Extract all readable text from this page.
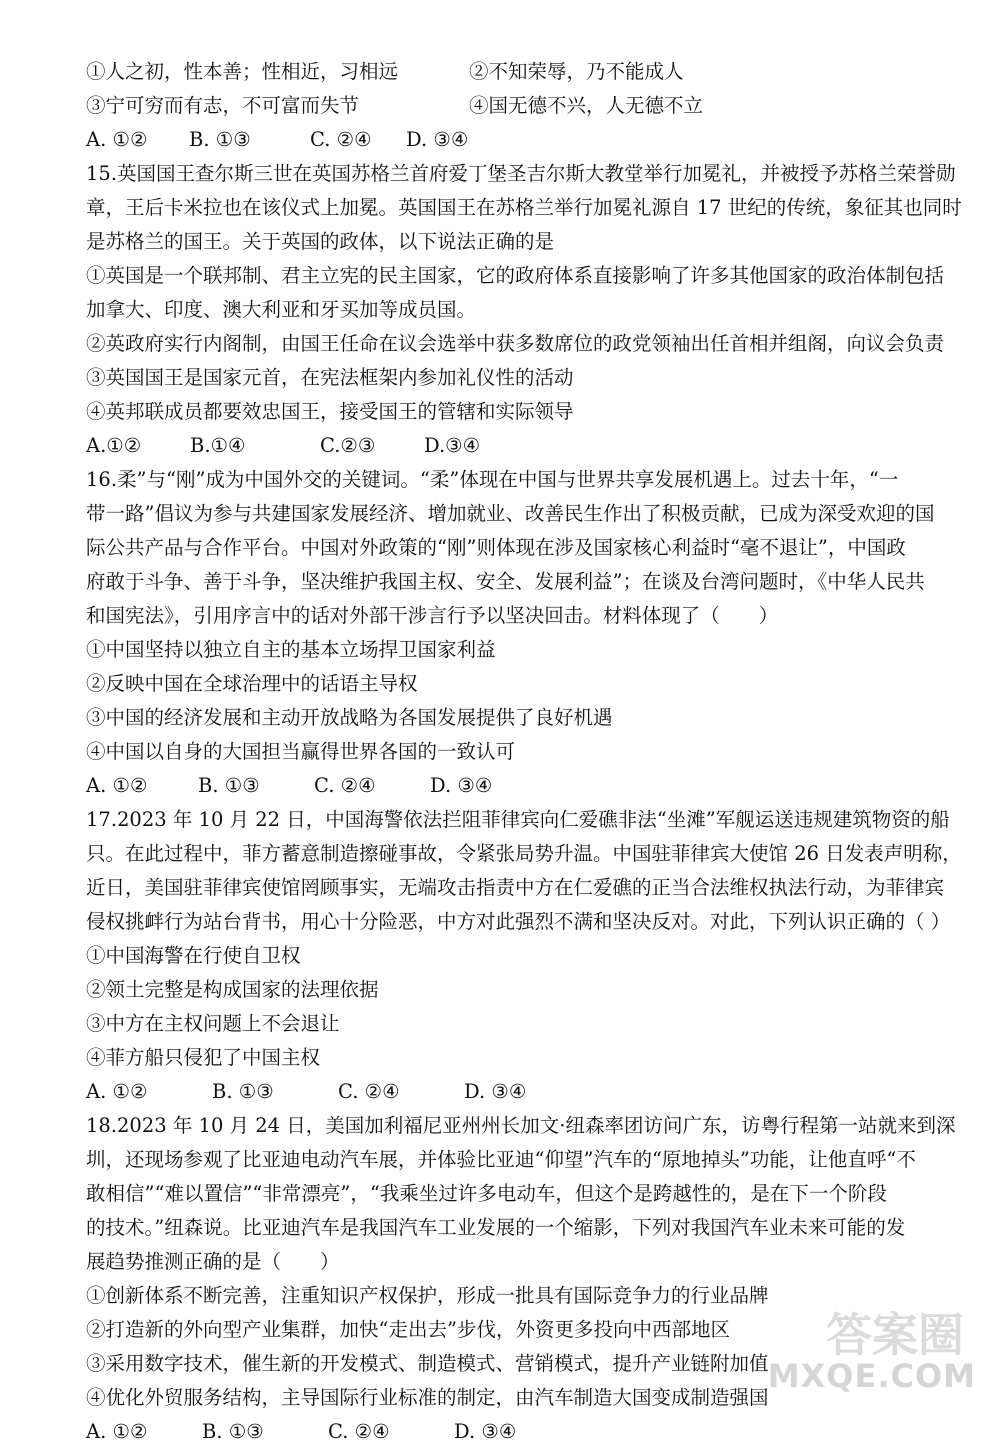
①人之初，性本善；性相近，习相远	②不知荣辱，乃不能成人
③宁可穷而有志，不可富而失节	④国无德不兴，人无德不立
A. ①② B. ①③	C. ②④	D. ③④
15.英国国王查尔斯三世在英国苏格兰首府爱丁堡圣吉尔斯大教堂举行加冕礼，并被授予苏格兰荣誉勋
章，王后卡米拉也在该仪式上加冕。英国国王在苏格兰举行加冕礼源自 17 世纪的传统，象征其也同时
是苏格兰的国王。关于英国的政体，以下说法正确的是
①英国是一个联邦制、君主立宪的民主国家，它的政府体系直接影响了许多其他国家的政治体制包括
加拿大、印度、澳大利亚和牙买加等成员国。
②英政府实行内阁制，由国王任命在议会选举中获多数席位的政党领袖出任首相并组阁，向议会负责
③英国国王是国家元首，在宪法框架内参加礼仪性的活动
④英邦联成员都要效忠国王，接受国王的管辖和实际领导
A.①②	B.①④	C.②③	D.③④
16.柔”与“刚”成为中国外交的关键词。“柔”体现在中国与世界共享发展机遇上。过去十年，“一
带一路”倡议为参与共建国家发展经济、增加就业、改善民生作出了积极贡献，已成为深受欢迎的国
际公共产品与合作平台。中国对外政策的“刚”则体现在涉及国家核心利益时“毫不退让”，中国政
府敢于斗争、善于斗争，坚决维护我国主权、安全、发展利益”；在谈及台湾问题时，《中华人民共
和国宪法》，引用序言中的话对外部干涉言行予以坚决回击。材料体现了（　　）
①中国坚持以独立自主的基本立场捍卫国家利益
②反映中国在全球治理中的话语主导权
③中国的经济发展和主动开放战略为各国发展提供了良好机遇
④中国以自身的大国担当赢得世界各国的一致认可
A. ①②	B. ①③	C. ②④	D. ③④
17.2023 年 10 月 22 日，中国海警依法拦阻菲律宾向仁爱礁非法“坐滩”军舰运送违规建筑物资的船
只。在此过程中，菲方蓄意制造擦碰事故，令紧张局势升温。中国驻菲律宾大使馆 26 日发表声明称，
近日，美国驻菲律宾使馆罔顾事实，无端攻击指责中方在仁爱礁的正当合法维权执法行动，为菲律宾
侵权挑衅行为站台背书，用心十分险恶，中方对此强烈不满和坚决反对。对此，下列认识正确的（ ）
①中国海警在行使自卫权
②领土完整是构成国家的法理依据
③中方在主权问题上不会退让
④菲方船只侵犯了中国主权
A. ①②	B. ①③	C. ②④	D. ③④
18.2023 年 10 月 24 日，美国加利福尼亚州州长加文·纽森率团访问广东，访粤行程第一站就来到深
圳，还现场参观了比亚迪电动汽车展，并体验比亚迪“仰望”汽车的“原地掉头”功能，让他直呼“不
敢相信”“难以置信”“非常漂亮”，“我乘坐过许多电动车，但这个是跨越性的，是在下一个阶段
的技术。”纽森说。比亚迪汽车是我国汽车工业发展的一个缩影，下列对我国汽车业未来可能的发
展趋势推测正确的是（　　）
①创新体系不断完善，注重知识产权保护，形成一批具有国际竞争力的行业品牌
②打造新的外向型产业集群，加快“走出去”步伐，外资更多投向中西部地区
③采用数字技术，催生新的开发模式、制造模式、营销模式，提升产业链附加值
④优化外贸服务结构，主导国际行业标准的制定，由汽车制造大国变成制造强国
A. ①②	B. ①③	C. ②④	D. ③④
答案圈
MXQE.COM
